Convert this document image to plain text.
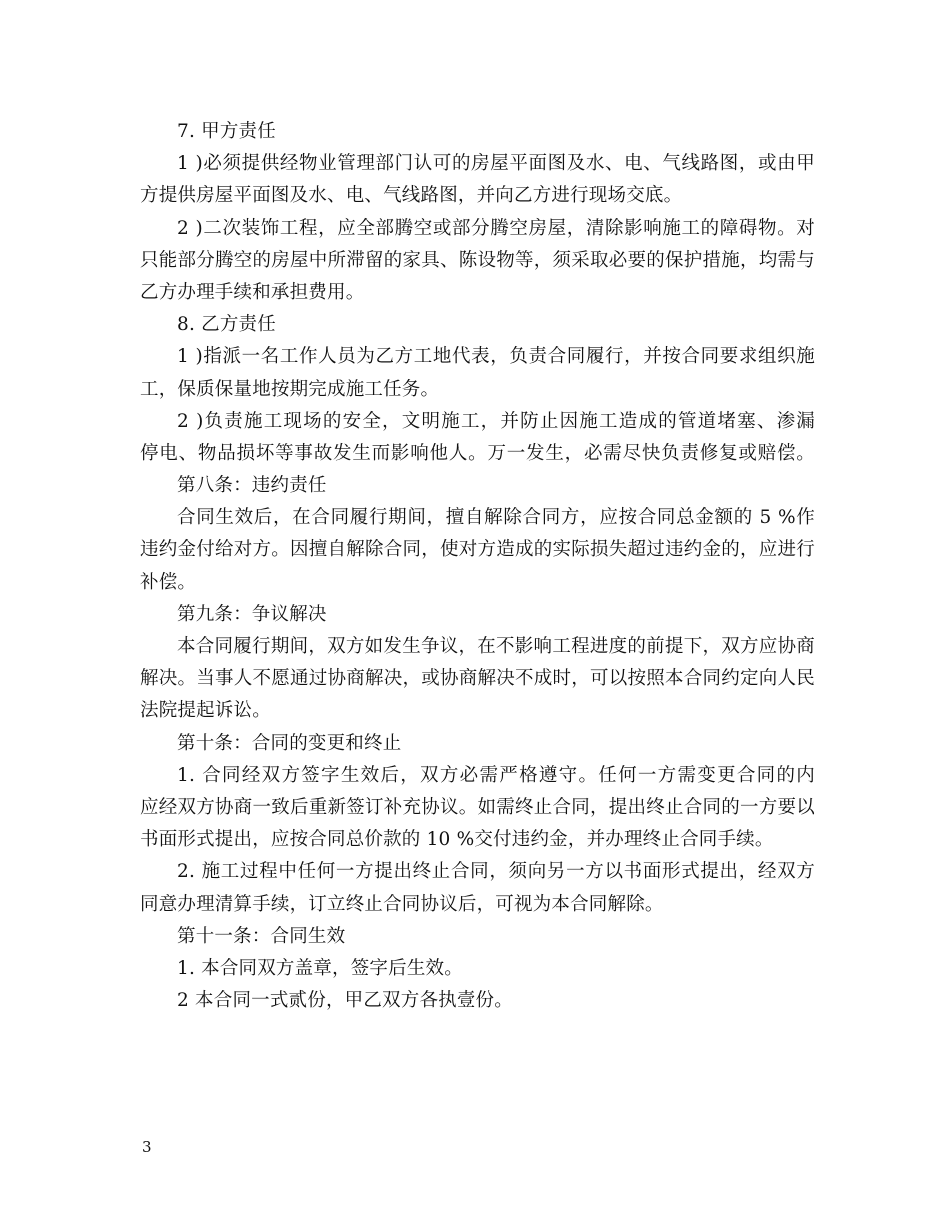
7. 甲方责任
1 )必须提供经物业管理部门认可的房屋平面图及水、电、气线路图，或由甲
方提供房屋平面图及水、电、气线路图，并向乙方进行现场交底。
2 )二次装饰工程，应全部腾空或部分腾空房屋，清除影响施工的障碍物。对
只能部分腾空的房屋中所滞留的家具、陈设物等，须采取必要的保护措施，均需与
乙方办理手续和承担费用。
8. 乙方责任
1 )指派一名工作人员为乙方工地代表，负责合同履行，并按合同要求组织施
工，保质保量地按期完成施工任务。
2 )负责施工现场的安全，文明施工，并防止因施工造成的管道堵塞、渗漏
停电、物品损坏等事故发生而影响他人。万一发生，必需尽快负责修复或赔偿。
第八条：违约责任
合同生效后，在合同履行期间，擅自解除合同方，应按合同总金额的 5 %作
违约金付给对方。因擅自解除合同，使对方造成的实际损失超过违约金的，应进行
补偿。
第九条：争议解决
本合同履行期间，双方如发生争议，在不影响工程进度的前提下，双方应协商
解决。当事人不愿通过协商解决，或协商解决不成时，可以按照本合同约定向人民
法院提起诉讼。
第十条：合同的变更和终止
1. 合同经双方签字生效后，双方必需严格遵守。任何一方需变更合同的内
应经双方协商一致后重新签订补充协议。如需终止合同，提出终止合同的一方要以
书面形式提出，应按合同总价款的 10 %交付违约金，并办理终止合同手续。
2. 施工过程中任何一方提出终止合同，须向另一方以书面形式提出，经双方
同意办理清算手续，订立终止合同协议后，可视为本合同解除。
第十一条：合同生效
1. 本合同双方盖章，签字后生效。
2 本合同一式贰份，甲乙双方各执壹份。
3
